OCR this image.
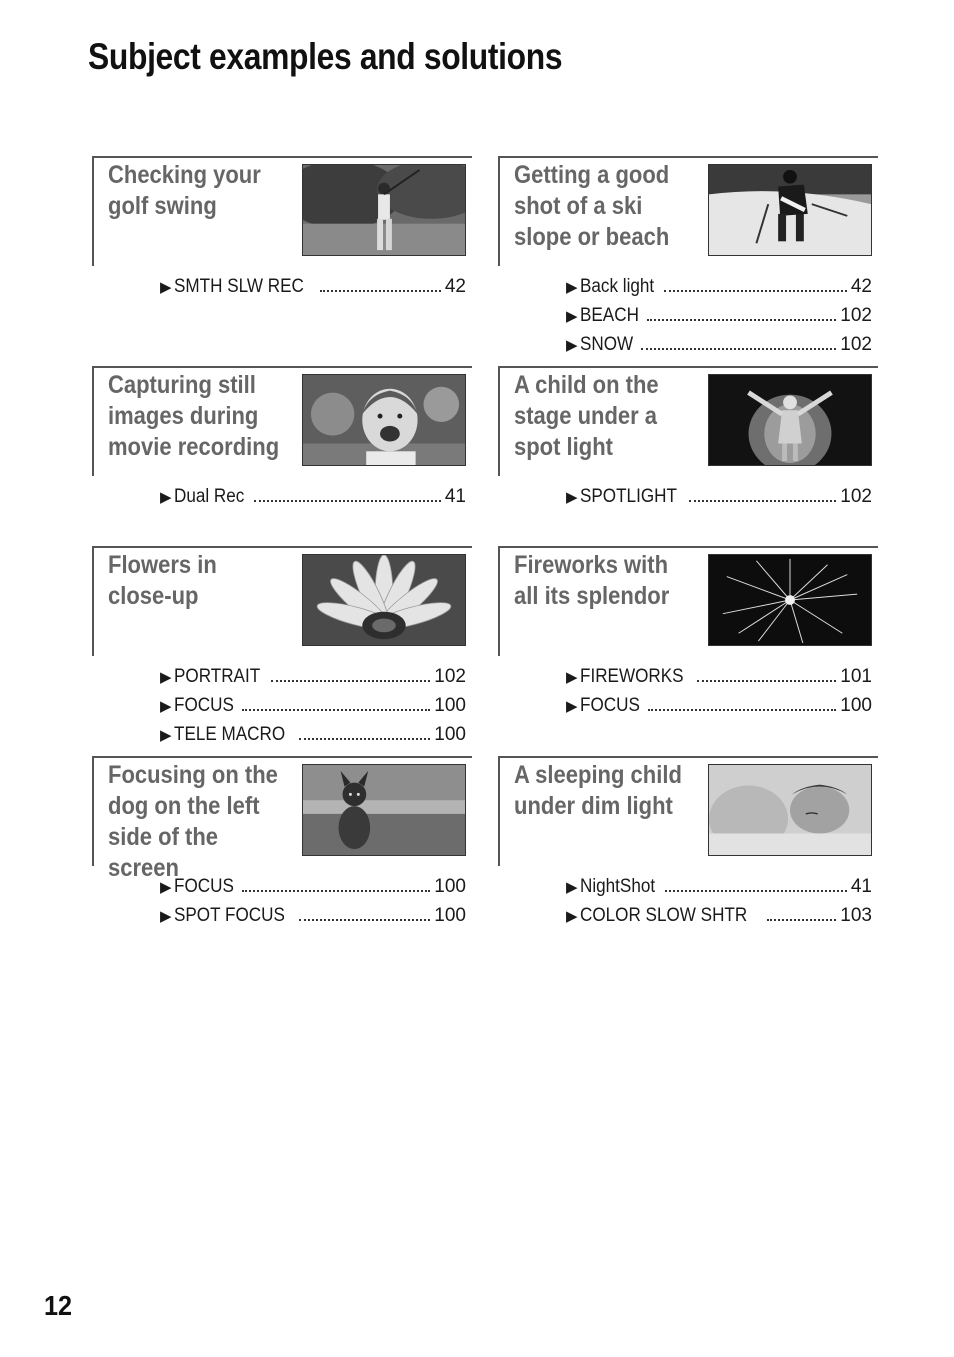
Subject examples and solutions
Checking your golf swing
▶ SMTH SLW REC	42
Getting a good shot of a ski slope or beach
▶ Back light	42
▶ BEACH	102
▶ SNOW	102
Capturing still images during movie recording
▶ Dual Rec	41
A child on the stage under a spot light
▶ SPOTLIGHT	102
Flowers in close-up
▶ PORTRAIT	102
▶ FOCUS	100
▶ TELE MACRO	100
Fireworks with all its splendor
▶ FIREWORKS	101
▶ FOCUS	100
Focusing on the dog on the left side of the screen
▶ FOCUS	100
▶ SPOT FOCUS	100
A sleeping child under dim light
▶ NightShot	41
▶ COLOR SLOW SHTR	103
12
